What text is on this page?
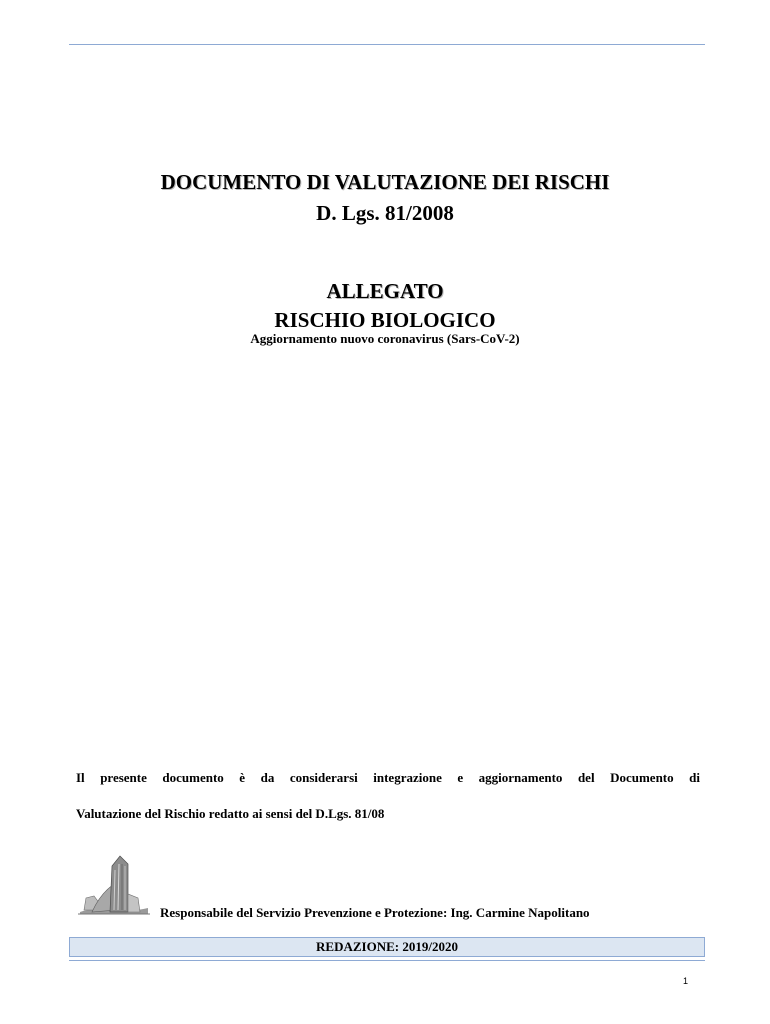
DOCUMENTO DI VALUTAZIONE DEI RISCHI
D. Lgs. 81/2008
ALLEGATO
RISCHIO BIOLOGICO
Aggiornamento nuovo coronavirus (Sars-CoV-2)
Il presente documento è da considerarsi integrazione e aggiornamento del Documento di
Valutazione del Rischio redatto ai sensi del D.Lgs. 81/08
Responsabile del Servizio Prevenzione e Protezione: Ing. Carmine Napolitano
REDAZIONE: 2019/2020
1
